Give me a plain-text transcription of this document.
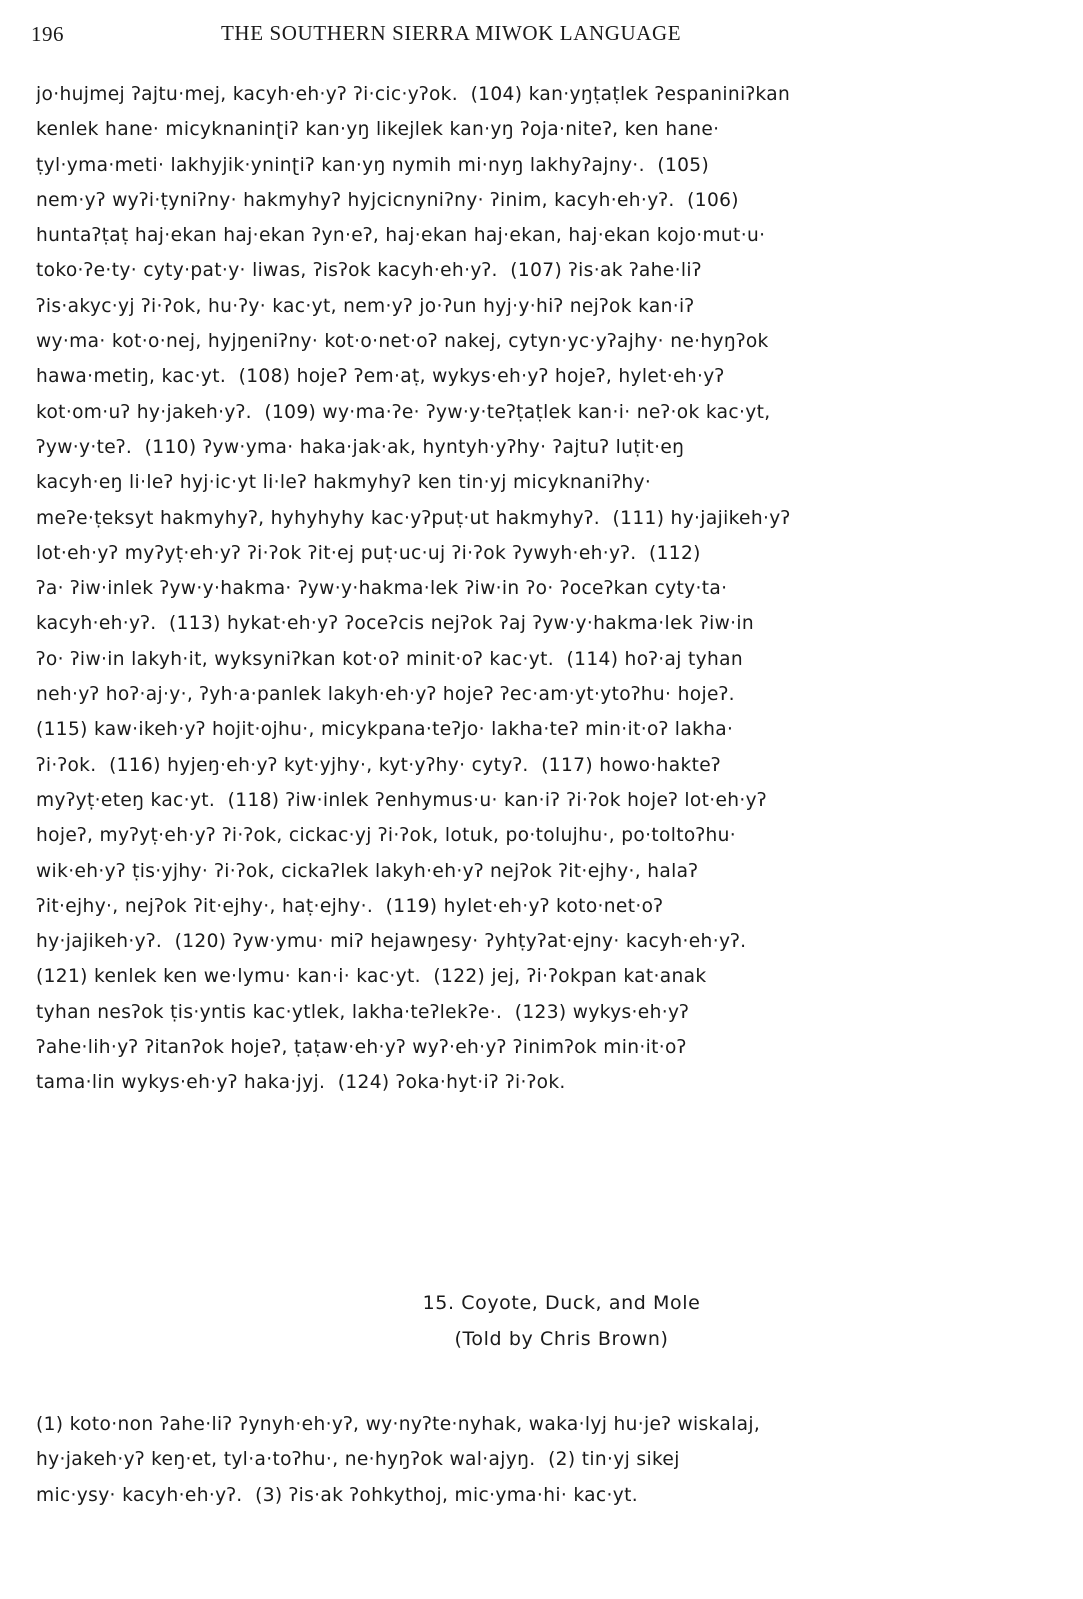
196	THE SOUTHERN SIERRA MIWOK LANGUAGE
jo·hujmej ʔajtu·mej, kacyh·eh·yʔ ʔi·cic·yʔok.  (104) kan·yŋṭaṭlek ʔespaniniʔkan
kenlek hane· micyknaninʈiʔ kan·yŋ likejlek kan·yŋ ʔoja·niteʔ, ken hane·
ṭyl·yma·meti· lakhyjik·yninʈiʔ kan·yŋ nymih mi·nyŋ lakhyʔajny·.  (105)
nem·yʔ wyʔi·ṭyniʔny· hakmyhyʔ hyjcicnyniʔny· ʔinim, kacyh·eh·yʔ.  (106)
huntaʔṭaṭ haj·ekan haj·ekan ʔyn·eʔ, haj·ekan haj·ekan, haj·ekan kojo·mut·u·
toko·ʔe·ty· cyty·pat·y· liwas, ʔisʔok kacyh·eh·yʔ.  (107) ʔis·ak ʔahe·liʔ
ʔis·akyc·yj ʔi·ʔok, hu·ʔy· kac·yt, nem·yʔ jo·ʔun hyj·y·hiʔ nejʔok kan·iʔ
wy·ma· kot·o·nej, hyjŋeniʔny· kot·o·net·oʔ nakej, cytyn·yc·yʔajhy· ne·hyŋʔok
hawa·metiŋ, kac·yt.  (108) hojeʔ ʔem·aṭ, wykys·eh·yʔ hojeʔ, hylet·eh·yʔ
kot·om·uʔ hy·jakeh·yʔ.  (109) wy·ma·ʔe· ʔyw·y·teʔṭaṭlek kan·i· neʔ·ok kac·yt,
ʔyw·y·teʔ.  (110) ʔyw·yma· haka·jak·ak, hyntyh·yʔhy· ʔajtuʔ luṭit·eŋ
kacyh·eŋ li·leʔ hyj·ic·yt li·leʔ hakmyhyʔ ken tin·yj micyknaniʔhy·
meʔe·ṭeksyt hakmyhyʔ, hyhyhyhy kac·yʔpuṭ·ut hakmyhyʔ.  (111) hy·jajikeh·yʔ
lot·eh·yʔ myʔyṭ·eh·yʔ ʔi·ʔok ʔit·ej puṭ·uc·uj ʔi·ʔok ʔywyh·eh·yʔ.  (112)
ʔa· ʔiw·inlek ʔyw·y·hakma· ʔyw·y·hakma·lek ʔiw·in ʔo· ʔoceʔkan cyty·ta·
kacyh·eh·yʔ.  (113) hykat·eh·yʔ ʔoceʔcis nejʔok ʔaj ʔyw·y·hakma·lek ʔiw·in
ʔo· ʔiw·in lakyh·it, wyksyniʔkan kot·oʔ minit·oʔ kac·yt.  (114) hoʔ·aj tyhan
neh·yʔ hoʔ·aj·y·, ʔyh·a·panlek lakyh·eh·yʔ hojeʔ ʔec·am·yt·ytoʔhu· hojeʔ.
(115) kaw·ikeh·yʔ hojit·ojhu·, micykpana·teʔjo· lakha·teʔ min·it·oʔ lakha·
ʔi·ʔok.  (116) hyjeŋ·eh·yʔ kyt·yjhy·, kyt·yʔhy· cytyʔ.  (117) howo·hakteʔ
myʔyṭ·eteŋ kac·yt.  (118) ʔiw·inlek ʔenhymus·u· kan·iʔ ʔi·ʔok hojeʔ lot·eh·yʔ
hojeʔ, myʔyṭ·eh·yʔ ʔi·ʔok, cickac·yj ʔi·ʔok, lotuk, po·tolujhu·, po·toltoʔhu·
wik·eh·yʔ ṭis·yjhy· ʔi·ʔok, cickaʔlek lakyh·eh·yʔ nejʔok ʔit·ejhy·, halaʔ
ʔit·ejhy·, nejʔok ʔit·ejhy·, haṭ·ejhy·.  (119) hylet·eh·yʔ koto·net·oʔ
hy·jajikeh·yʔ.  (120) ʔyw·ymu· miʔ hejawŋesy· ʔyhṭyʔat·ejny· kacyh·eh·yʔ.
(121) kenlek ken we·lymu· kan·i· kac·yt.  (122) jej, ʔi·ʔokpan kat·anak
tyhan nesʔok ṭis·yntis kac·ytlek, lakha·teʔlekʔe·.  (123) wykys·eh·yʔ
ʔahe·lih·yʔ ʔitanʔok hojeʔ, ṭaṭaw·eh·yʔ wyʔ·eh·yʔ ʔinimʔok min·it·oʔ
tama·lin wykys·eh·yʔ haka·jyj.  (124) ʔoka·hyt·iʔ ʔi·ʔok.
15. Coyote, Duck, and Mole
(Told by Chris Brown)
(1) koto·non ʔahe·liʔ ʔynyh·eh·yʔ, wy·nyʔte·nyhak, waka·lyj hu·jeʔ wiskalaj,
hy·jakeh·yʔ keŋ·et, tyl·a·toʔhu·, ne·hyŋʔok wal·ajyŋ.  (2) tin·yj sikej
mic·ysy· kacyh·eh·yʔ.  (3) ʔis·ak ʔohkythoj, mic·yma·hi· kac·yt.
